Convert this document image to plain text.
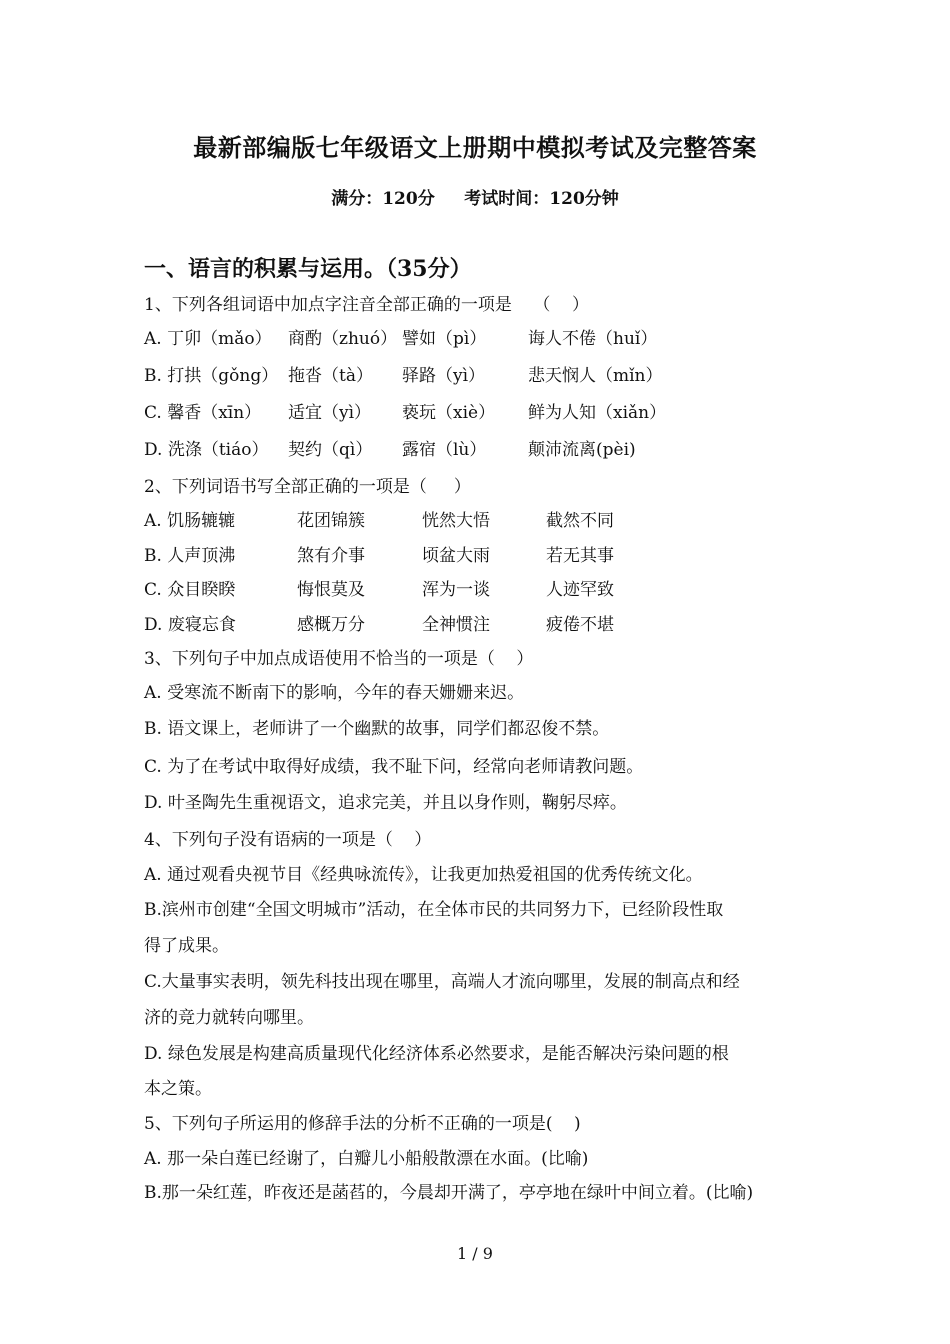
最新部编版七年级语文上册期中模拟考试及完整答案
满分：120分     考试时间：120分钟
一、语言的积累与运用。（35分）
1、下列各组词语中加点字注音全部正确的一项是    （    ）
A. 丁卯（mǎo） 商酌（zhuó） 譬如（pì） 诲人不倦（huǐ）
B. 打拱（gǒng） 拖沓（tà） 驿路（yì）	悲天悯人（mǐn）
C. 馨香（xīn） 适宜（yì） 亵玩（xiè） 鲜为人知（xiǎn）
D. 洗涤（tiáo） 契约（qì） 露宿（lù） 颠沛流离(pèi)
2、下列词语书写全部正确的一项是（     ）
A. 饥肠辘辘	花团锦簇	恍然大悟	截然不同
B. 人声顶沸	煞有介事	顷盆大雨	若无其事
C. 众目睽睽	悔恨莫及	浑为一谈	人迹罕致
D. 废寝忘食	感概万分	全神惯注	疲倦不堪
3、下列句子中加点成语使用不恰当的一项是（    ）
A. 受寒流不断南下的影响，今年的春天姗姗来迟。
B. 语文课上，老师讲了一个幽默的故事，同学们都忍俊不禁。
C. 为了在考试中取得好成绩，我不耻下问，经常向老师请教问题。
D. 叶圣陶先生重视语文，追求完美，并且以身作则，鞠躬尽瘁。
4、下列句子没有语病的一项是（    ）
A. 通过观看央视节目《经典咏流传》，让我更加热爱祖国的优秀传统文化。
B.滨州市创建“全国文明城市”活动，在全体市民的共同努力下，已经阶段性取
得了成果。
C.大量事实表明，领先科技出现在哪里，高端人才流向哪里，发展的制高点和经
济的竞力就转向哪里。
D. 绿色发展是构建高质量现代化经济体系必然要求，是能否解决污染问题的根
本之策。
5、下列句子所运用的修辞手法的分析不正确的一项是(    )
A. 那一朵白莲已经谢了，白瓣儿小船般散漂在水面。(比喻)
B.那一朵红莲，昨夜还是菡萏的，今晨却开满了，亭亭地在绿叶中间立着。(比喻)
1 / 9
